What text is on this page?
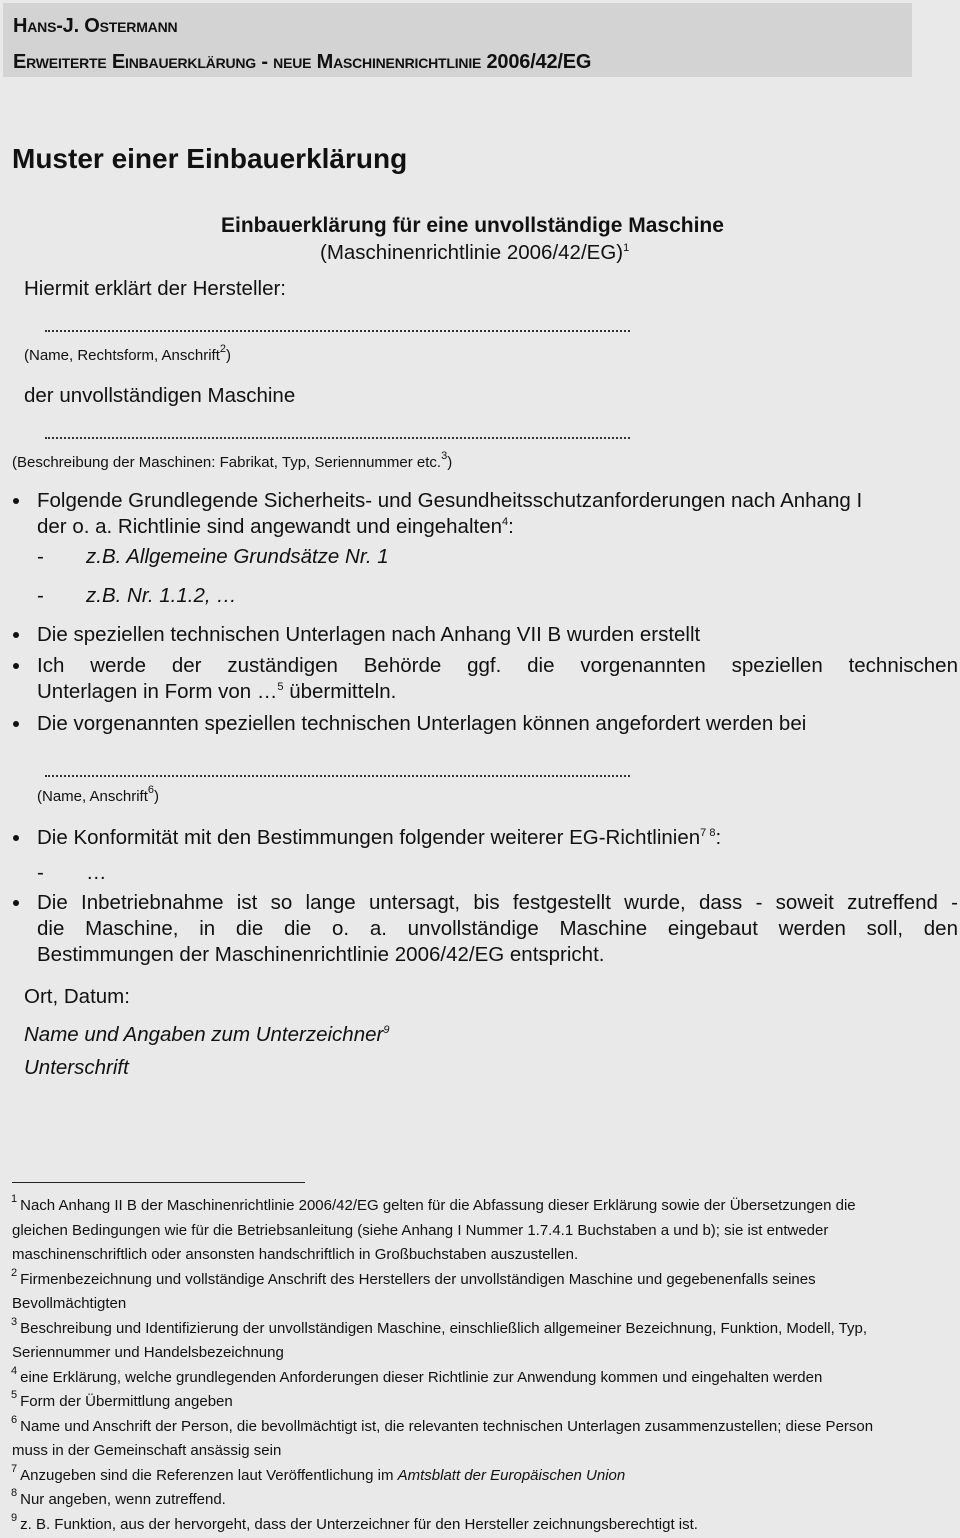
Hans-J. Ostermann
Erweiterte Einbauerklärung - neue Maschinenrichtlinie 2006/42/EG
Muster einer Einbauerklärung
Einbauerklärung für eine unvollständige Maschine
(Maschinenrichtlinie 2006/42/EG)$^1$
Hiermit erklärt der Hersteller:
(Name, Rechtsform, Anschrift$^2$)
der unvollständigen Maschine
(Beschreibung der Maschinen: Fabrikat, Typ, Seriennummer etc.$^3$)
Folgende Grundlegende Sicherheits- und Gesundheitsschutzanforderungen nach Anhang I
der o. a. Richtlinie sind angewandt und eingehalten$^4$:
- z.B. Allgemeine Grundsätze Nr. 1
- z.B. Nr. 1.1.2, …
Die speziellen technischen Unterlagen nach Anhang VII B wurden erstellt
Ich werde der zuständigen Behörde ggf. die vorgenannten speziellen technischen
Unterlagen in Form von …$^5$ übermitteln.
Die vorgenannten speziellen technischen Unterlagen können angefordert werden bei
(Name, Anschrift$^6$)
Die Konformität mit den Bestimmungen folgender weiterer EG-Richtlinien$^{7 8}$:
- …
Die Inbetriebnahme ist so lange untersagt, bis festgestellt wurde, dass - soweit zutreffend -
die Maschine, in die die o. a. unvollständige Maschine eingebaut werden soll, den
Bestimmungen der Maschinenrichtlinie 2006/42/EG entspricht.
Ort, Datum:
Name und Angaben zum Unterzeichner$^9$
Unterschrift
$^1$ Nach Anhang II B der Maschinenrichtlinie 2006/42/EG gelten für die Abfassung dieser Erklärung sowie der Übersetzungen die
gleichen Bedingungen wie für die Betriebsanleitung (siehe Anhang I Nummer 1.7.4.1 Buchstaben a und b); sie ist entweder
maschinenschriftlich oder ansonsten handschriftlich in Großbuchstaben auszustellen.
$^2$ Firmenbezeichnung und vollständige Anschrift des Herstellers der unvollständigen Maschine und gegebenenfalls seines
Bevollmächtigten
$^3$ Beschreibung und Identifizierung der unvollständigen Maschine, einschließlich allgemeiner Bezeichnung, Funktion, Modell, Typ,
Seriennummer und Handelsbezeichnung
$^4$ eine Erklärung, welche grundlegenden Anforderungen dieser Richtlinie zur Anwendung kommen und eingehalten werden
$^5$ Form der Übermittlung angeben
$^6$ Name und Anschrift der Person, die bevollmächtigt ist, die relevanten technischen Unterlagen zusammenzustellen; diese Person
muss in der Gemeinschaft ansässig sein
$^7$ Anzugeben sind die Referenzen laut Veröffentlichung im Amtsblatt der Europäischen Union
$^8$ Nur angeben, wenn zutreffend.
$^9$ z. B. Funktion, aus der hervorgeht, dass der Unterzeichner für den Hersteller zeichnungsberechtigt ist.
